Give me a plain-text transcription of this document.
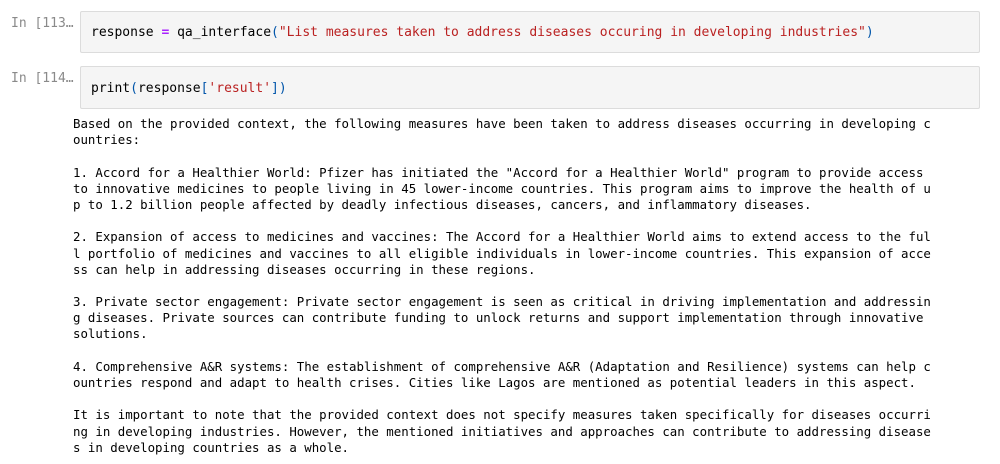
In [113…
response = qa_interface("List measures taken to address diseases occuring in developing industries")
In [114…
print(response['result'])
Based on the provided context, the following measures have been taken to address diseases occurring in developing c
ountries:
1. Accord for a Healthier World: Pfizer has initiated the "Accord for a Healthier World" program to provide access
to innovative medicines to people living in 45 lower-income countries. This program aims to improve the health of u
p to 1.2 billion people affected by deadly infectious diseases, cancers, and inflammatory diseases.
2. Expansion of access to medicines and vaccines: The Accord for a Healthier World aims to extend access to the ful
l portfolio of medicines and vaccines to all eligible individuals in lower-income countries. This expansion of acce
ss can help in addressing diseases occurring in these regions.
3. Private sector engagement: Private sector engagement is seen as critical in driving implementation and addressin
g diseases. Private sources can contribute funding to unlock returns and support implementation through innovative
solutions.
4. Comprehensive A&R systems: The establishment of comprehensive A&R (Adaptation and Resilience) systems can help c
ountries respond and adapt to health crises. Cities like Lagos are mentioned as potential leaders in this aspect.
It is important to note that the provided context does not specify measures taken specifically for diseases occurri
ng in developing industries. However, the mentioned initiatives and approaches can contribute to addressing disease
s in developing countries as a whole.
